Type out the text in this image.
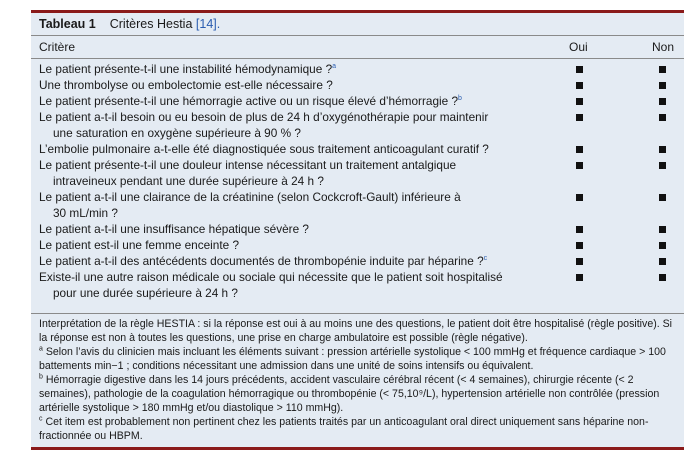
Tableau 1 Critères Hestia
[14].
Critère	Oui	Non
Le patient présente-t-il une instabilité hémodynamique ?$^a$
Une thrombolyse ou embolectomie est-elle nécessaire ?
Le patient présente-t-il une hémorragie active ou un risque élevé d’hémorragie ?$^b$
Le patient a-t-il besoin ou eu besoin de plus de 24 h d’oxygénothérapie pour maintenir
une saturation en oxygène supérieure à 90 % ?
L’embolie pulmonaire a-t-elle été diagnostiquée sous traitement anticoagulant curatif ?
Le patient présente-t-il une douleur intense nécessitant un traitement antalgique
intraveineux pendant une durée supérieure à 24 h ?
Le patient a-t-il une clairance de la créatinine (selon Cockcroft-Gault) inférieure à
30 mL/min ?
Le patient a-t-il une insuffisance hépatique sévère ?
Le patient est-il une femme enceinte ?
Le patient a-t-il des antécédents documentés de thrombopénie induite par héparine ?$^c$
Existe-il une autre raison médicale ou sociale qui nécessite que le patient soit hospitalisé
pour une durée supérieure à 24 h ?

Interprétation de la règle HESTIA : si la réponse est oui à au moins une des questions, le patient doit être hospitalisé (règle positive). Si la réponse est non à toutes les questions, une prise en charge ambulatoire est possible (règle négative).

$^a$ Selon l’avis du clinicien mais incluant les éléments suivant : pression artérielle systolique < 100 mmHg et fréquence cardiaque > 100 battements min−1 ; conditions nécessitant une admission dans une unité de soins intensifs ou équivalent.

$^b$ Hémorragie digestive dans les 14 jours précédents, accident vasculaire cérébral récent (< 4 semaines), chirurgie récente (< 2 semaines), pathologie de la coagulation hémorragique ou thrombopénie (< 75,10⁹/L), hypertension artérielle non contrôlée (pression artérielle systolique > 180 mmHg et/ou diastolique > 110 mmHg).

$^c$ Cet item est probablement non pertinent chez les patients traités par un anticoagulant oral direct uniquement sans héparine non-fractionnée ou HBPM.
